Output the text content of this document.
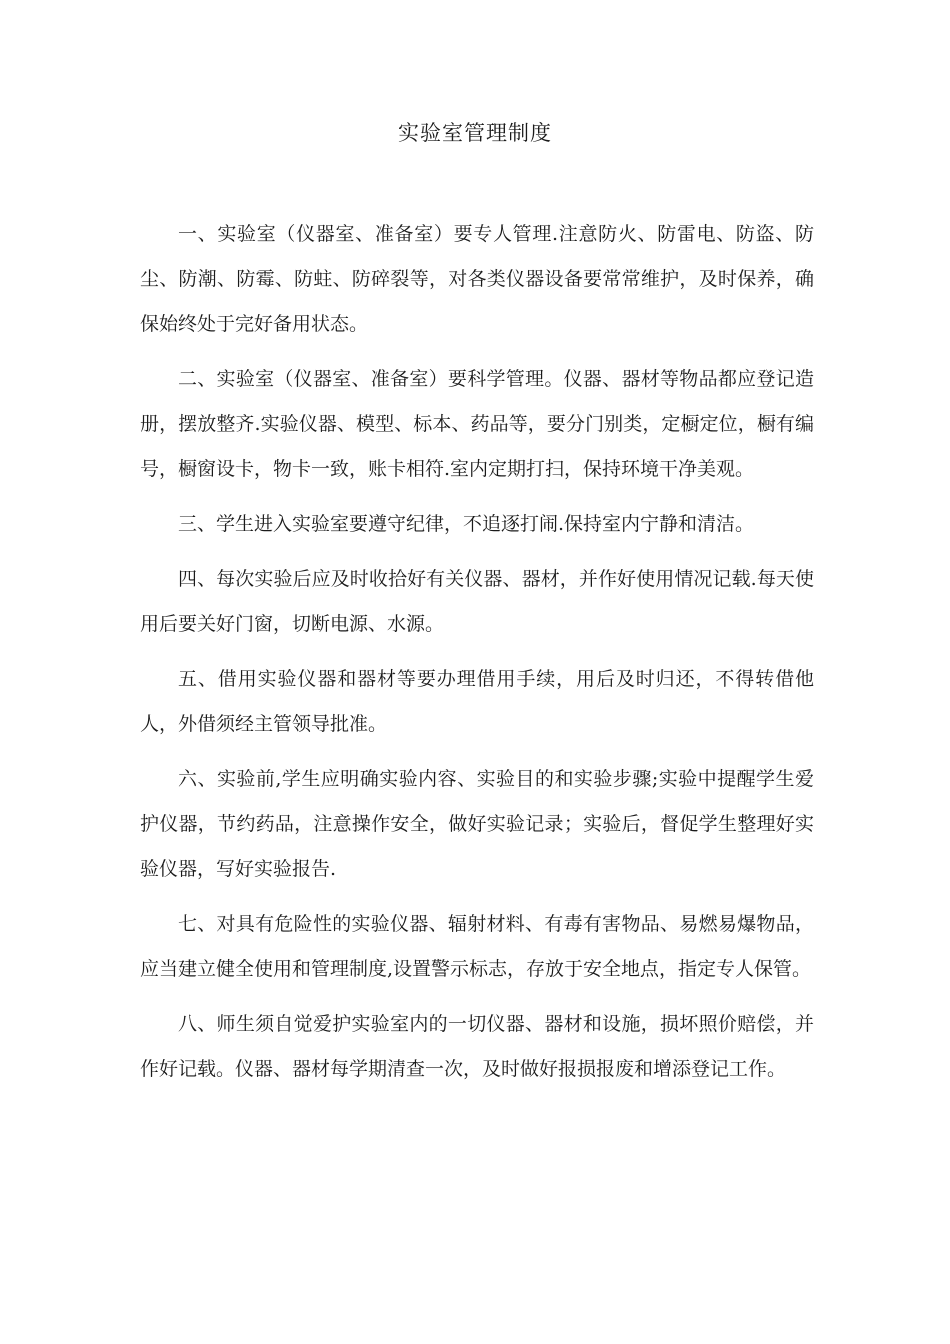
实验室管理制度

一、实验室（仪器室、准备室）要专人管理.注意防火、防雷电、防盗、防尘、防潮、防霉、防蛀、防碎裂等，对各类仪器设备要常常维护，及时保养，确保始终处于完好备用状态。

二、实验室（仪器室、准备室）要科学管理。仪器、器材等物品都应登记造册，摆放整齐.实验仪器、模型、标本、药品等，要分门别类，定橱定位，橱有编号，橱窗设卡，物卡一致，账卡相符.室内定期打扫，保持环境干净美观。

三、学生进入实验室要遵守纪律，不追逐打闹.保持室内宁静和清洁。

四、每次实验后应及时收拾好有关仪器、器材，并作好使用情况记载.每天使用后要关好门窗，切断电源、水源。

五、借用实验仪器和器材等要办理借用手续，用后及时归还，不得转借他人，外借须经主管领导批准。

六、实验前,学生应明确实验内容、实验目的和实验步骤;实验中提醒学生爱护仪器，节约药品，注意操作安全，做好实验记录；实验后，督促学生整理好实验仪器，写好实验报告.

七、对具有危险性的实验仪器、辐射材料、有毒有害物品、易燃易爆物品，应当建立健全使用和管理制度,设置警示标志，存放于安全地点，指定专人保管。

八、师生须自觉爱护实验室内的一切仪器、器材和设施，损坏照价赔偿，并作好记载。仪器、器材每学期清查一次，及时做好报损报废和增添登记工作。
